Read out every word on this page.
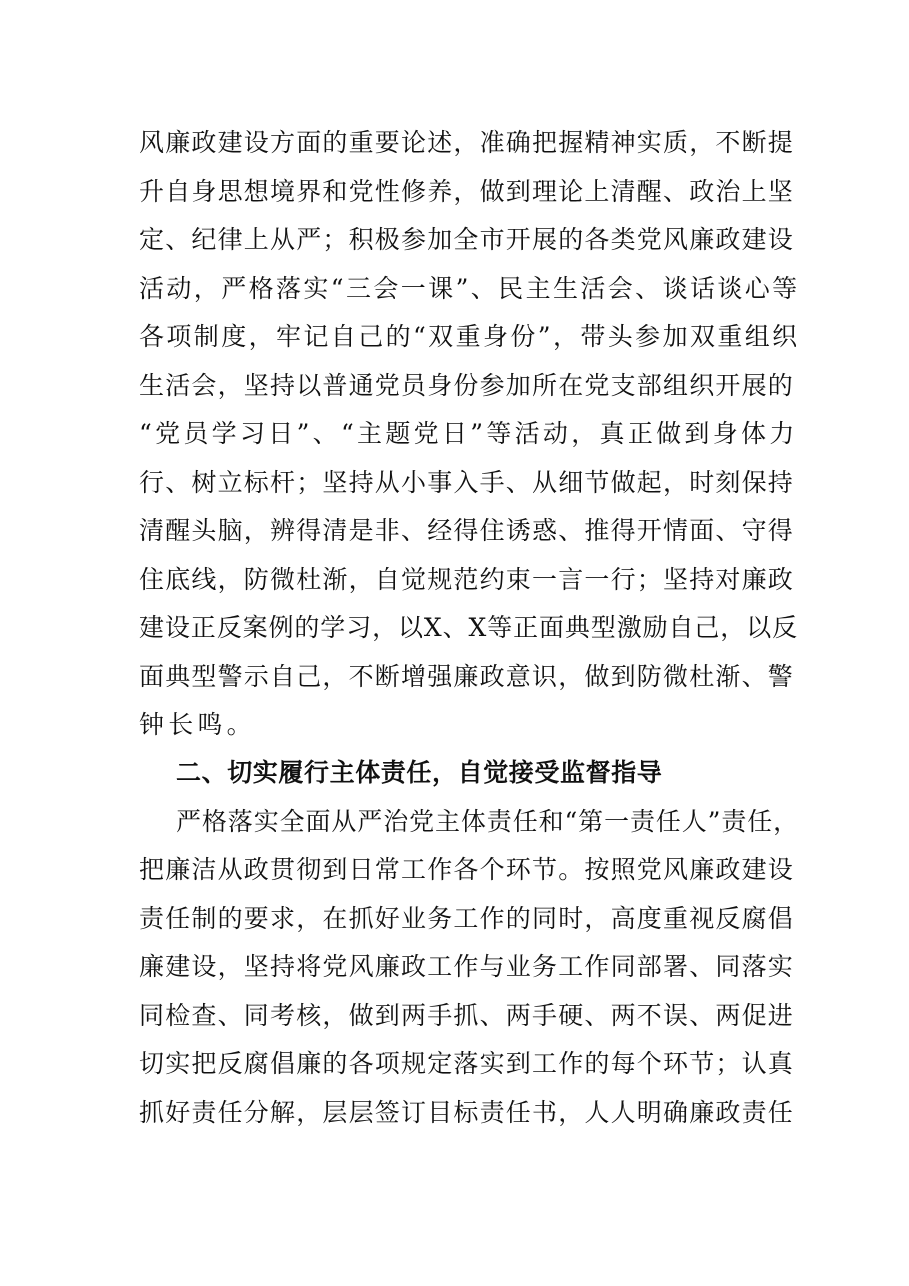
风廉政建设方面的重要论述，准确把握精神实质，不断提
升自身思想境界和党性修养，做到理论上清醒、政治上坚
定、纪律上从严；积极参加全市开展的各类党风廉政建设
活动，严格落实“三会一课”、民主生活会、谈话谈心等
各项制度，牢记自己的“双重身份”，带头参加双重组织
生活会，坚持以普通党员身份参加所在党支部组织开展的
“党员学习日”、“主题党日”等活动，真正做到身体力
行、树立标杆；坚持从小事入手、从细节做起，时刻保持
清醒头脑，辨得清是非、经得住诱惑、推得开情面、守得
住底线，防微杜渐，自觉规范约束一言一行；坚持对廉政
建设正反案例的学习，以X、X等正面典型激励自己，以反
面典型警示自己，不断增强廉政意识，做到防微杜渐、警
钟长鸣。
二、切实履行主体责任，自觉接受监督指导
严格落实全面从严治党主体责任和“第一责任人”责任，
把廉洁从政贯彻到日常工作各个环节。按照党风廉政建设
责任制的要求，在抓好业务工作的同时，高度重视反腐倡
廉建设，坚持将党风廉政工作与业务工作同部署、同落实
同检查、同考核，做到两手抓、两手硬、两不误、两促进
切实把反腐倡廉的各项规定落实到工作的每个环节；认真
抓好责任分解，层层签订目标责任书，人人明确廉政责任
